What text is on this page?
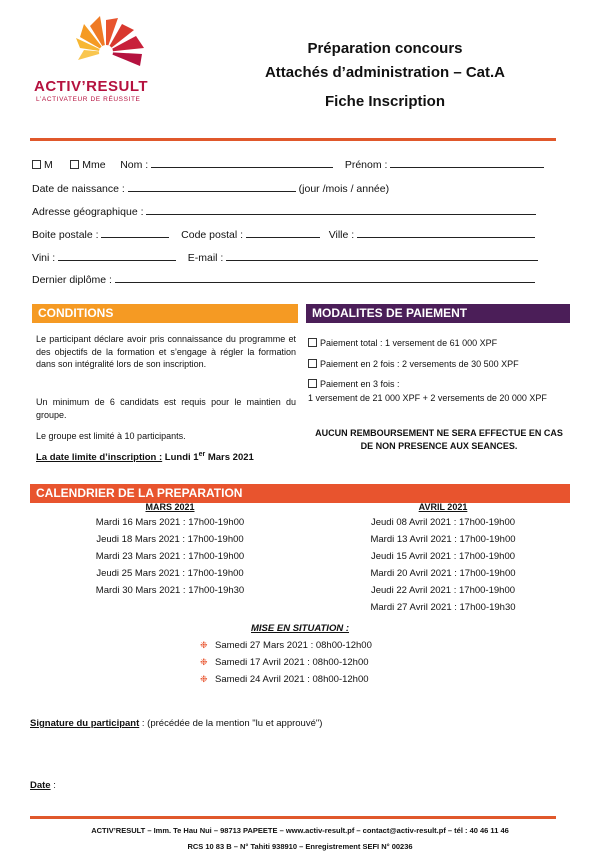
ACTIV’RESULT
L’ACTIVATEUR DE RÉUSSITE
Préparation concours
Attachés d’administration – Cat.A
Fiche Inscription
M	Mme Nom :	Prénom :
Date de naissance :	(jour /mois / année)
Adresse géographique :
Boite postale :	Code postal :	Ville :
Vini :	E-mail :
Dernier diplôme :
CONDITIONS
Le participant déclare avoir pris connaissance du programme et des objectifs de la formation et s’engage à régler la formation dans son intégralité lors de son inscription.
Un minimum de 6 candidats est requis pour le maintien du groupe.
Le groupe est limité à 10 participants.
La date limite d’inscription : Lundi 1er Mars 2021
MODALITES DE PAIEMENT
Paiement total : 1 versement de 61 000 XPF
Paiement en 2 fois : 2 versements de 30 500 XPF
Paiement en 3 fois :
1 versement de 21 000 XPF + 2 versements de 20 000 XPF
AUCUN REMBOURSEMENT NE SERA EFFECTUE EN CAS DE NON PRESENCE AUX SEANCES.
CALENDRIER DE LA PREPARATION
MARS 2021
Mardi 16 Mars 2021 : 17h00-19h00
Jeudi 18 Mars 2021 : 17h00-19h00
Mardi 23 Mars 2021 : 17h00-19h00
Jeudi 25 Mars 2021 : 17h00-19h00
Mardi 30 Mars 2021 : 17h00-19h30
AVRIL 2021
Jeudi 08 Avril 2021 : 17h00-19h00
Mardi 13 Avril 2021 : 17h00-19h00
Jeudi 15 Avril 2021 : 17h00-19h00
Mardi 20 Avril 2021 : 17h00-19h00
Jeudi 22 Avril 2021 : 17h00-19h00
Mardi 27 Avril 2021 : 17h00-19h30
MISE EN SITUATION :
❉ Samedi 27 Mars 2021 : 08h00-12h00
❉ Samedi 17 Avril 2021 : 08h00-12h00
❉ Samedi 24 Avril 2021 : 08h00-12h00
Signature du participant : (précédée de la mention "lu et approuvé")
Date :
ACTIV’RESULT – Imm. Te Hau Nui – 98713 PAPEETE – www.activ-result.pf – contact@activ-result.pf – tél : 40 46 11 46
RCS 10 83 B – N° Tahiti 938910 – Enregistrement SEFI N° 00236
